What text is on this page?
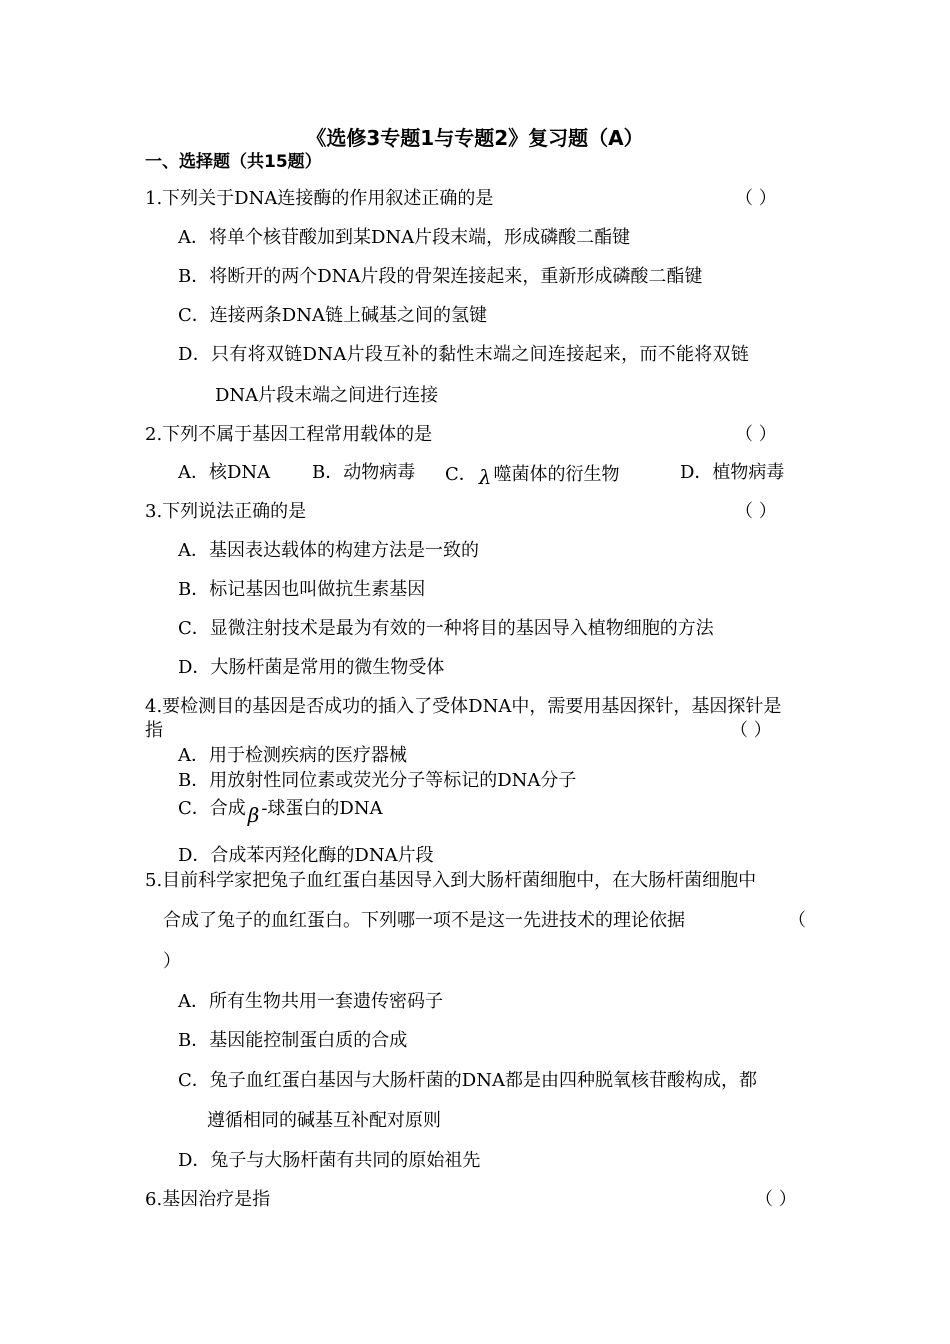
《选修3专题1与专题2》复习题（A）
一、选择题（共15题）
1.下列关于DNA连接酶的作用叙述正确的是	（ ）
A．将单个核苷酸加到某DNA片段末端，形成磷酸二酯键
B．将断开的两个DNA片段的骨架连接起来，重新形成磷酸二酯键
C．连接两条DNA链上碱基之间的氢键
D．只有将双链DNA片段互补的黏性末端之间连接起来，而不能将双链
DNA片段末端之间进行连接
2.下列不属于基因工程常用载体的是	（ ）
A．核DNA B．动物病毒 C． λ 噬菌体的衍生物	D．植物病毒
3.下列说法正确的是	（ ）
A．基因表达载体的构建方法是一致的
B．标记基因也叫做抗生素基因
C．显微注射技术是最为有效的一种将目的基因导入植物细胞的方法
D．大肠杆菌是常用的微生物受体
4.要检测目的基因是否成功的插入了受体DNA中，需要用基因探针，基因探针是
指	（ ）
A．用于检测疾病的医疗器械
B．用放射性同位素或荧光分子等标记的DNA分子
C．合成 β -球蛋白的DNA
D．合成苯丙羟化酶的DNA片段
5.目前科学家把兔子血红蛋白基因导入到大肠杆菌细胞中，在大肠杆菌细胞中
合成了兔子的血红蛋白。下列哪一项不是这一先进技术的理论依据	（
）
A．所有生物共用一套遗传密码子
B．基因能控制蛋白质的合成
C．兔子血红蛋白基因与大肠杆菌的DNA都是由四种脱氧核苷酸构成，都
遵循相同的碱基互补配对原则
D．兔子与大肠杆菌有共同的原始祖先
6.基因治疗是指	（ ）
